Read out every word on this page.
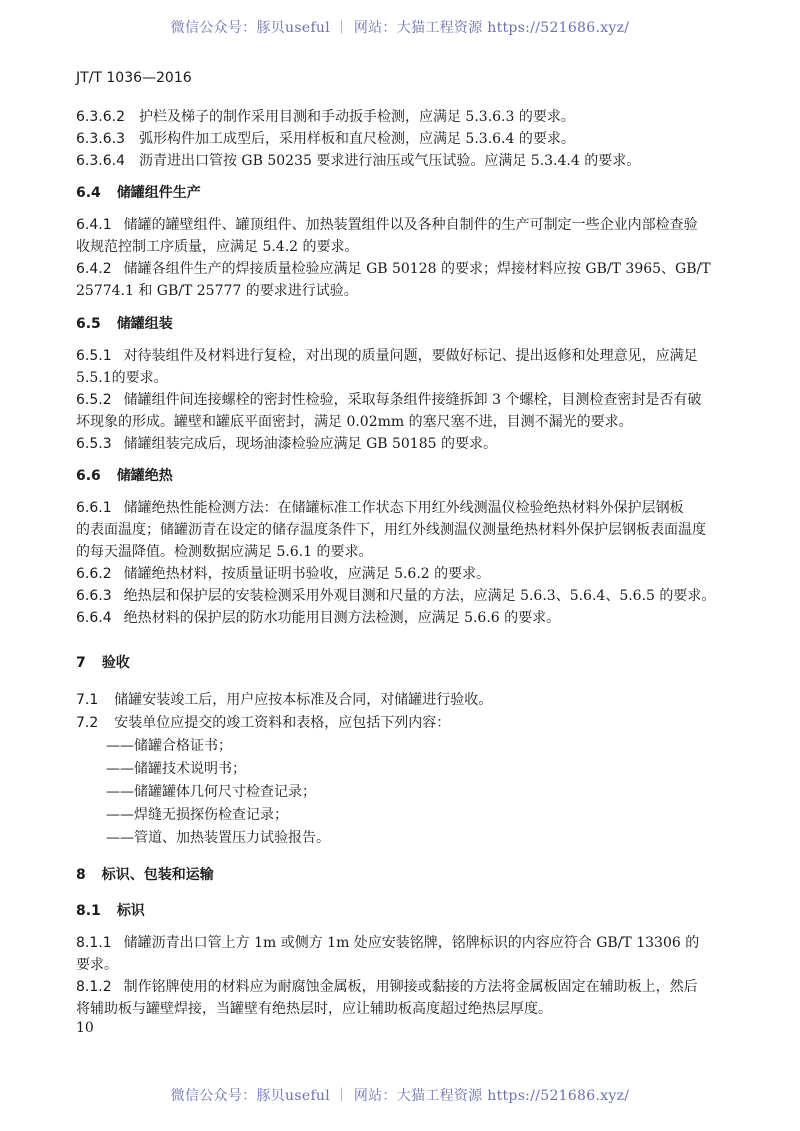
微信公众号：豚贝useful ｜ 网站：大猫工程资源 https://521686.xyz/
JT/T 1036—2016
6.3.6.2 护栏及梯子的制作采用目测和手动扳手检测，应满足 5.3.6.3 的要求。
6.3.6.3 弧形构件加工成型后，采用样板和直尺检测，应满足 5.3.6.4 的要求。
6.3.6.4 沥青进出口管按 GB 50235 要求进行油压或气压试验。应满足 5.3.4.4 的要求。
6.4 储罐组件生产
6.4.1 储罐的罐壁组件、罐顶组件、加热装置组件以及各种自制件的生产可制定一些企业内部检查验
收规范控制工序质量，应满足 5.4.2 的要求。
6.4.2 储罐各组件生产的焊接质量检验应满足 GB 50128 的要求；焊接材料应按 GB/T 3965、GB/T
25774.1 和 GB/T 25777 的要求进行试验。
6.5 储罐组装
6.5.1 对待装组件及材料进行复检，对出现的质量问题，要做好标记、提出返修和处理意见，应满足
5.5.1的要求。
6.5.2 储罐组件间连接螺栓的密封性检验，采取每条组件接缝拆卸 3 个螺栓，目测检查密封是否有破
坏现象的形成。罐壁和罐底平面密封，满足 0.02mm 的塞尺塞不进，目测不漏光的要求。
6.5.3 储罐组装完成后，现场油漆检验应满足 GB 50185 的要求。
6.6 储罐绝热
6.6.1 储罐绝热性能检测方法：在储罐标准工作状态下用红外线测温仪检验绝热材料外保护层钢板
的表面温度；储罐沥青在设定的储存温度条件下，用红外线测温仪测量绝热材料外保护层钢板表面温度
的每天温降值。检测数据应满足 5.6.1 的要求。
6.6.2 储罐绝热材料，按质量证明书验收，应满足 5.6.2 的要求。
6.6.3 绝热层和保护层的安装检测采用外观目测和尺量的方法，应满足 5.6.3、5.6.4、5.6.5 的要求。
6.6.4 绝热材料的保护层的防水功能用目测方法检测，应满足 5.6.6 的要求。
7 验收
7.1 储罐安装竣工后，用户应按本标准及合同，对储罐进行验收。
7.2 安装单位应提交的竣工资料和表格，应包括下列内容：
——储罐合格证书；
——储罐技术说明书；
——储罐罐体几何尺寸检查记录；
——焊缝无损探伤检查记录；
——管道、加热装置压力试验报告。
8 标识、包装和运输
8.1 标识
8.1.1 储罐沥青出口管上方 1m 或侧方 1m 处应安装铭牌，铭牌标识的内容应符合 GB/T 13306 的
要求。
8.1.2 制作铭牌使用的材料应为耐腐蚀金属板，用铆接或黏接的方法将金属板固定在辅助板上，然后
将辅助板与罐壁焊接，当罐壁有绝热层时，应让辅助板高度超过绝热层厚度。
10
微信公众号：豚贝useful ｜ 网站：大猫工程资源 https://521686.xyz/
